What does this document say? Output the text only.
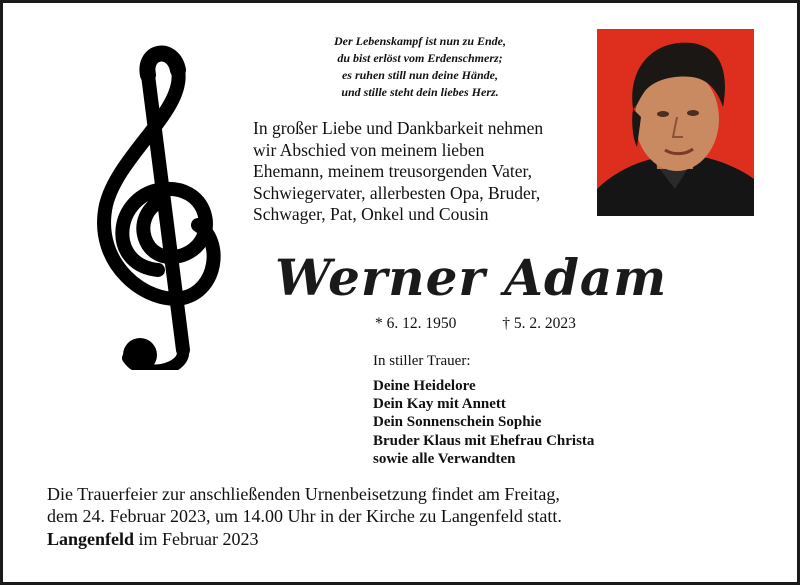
Der Lebenskampf ist nun zu Ende,
du bist erlöst vom Erdenschmerz;
es ruhen still nun deine Hände,
und stille steht dein liebes Herz.
In großer Liebe und Dankbarkeit nehmen
wir Abschied von meinem lieben
Ehemann, meinem treusorgenden Vater,
Schwiegervater, allerbesten Opa, Bruder,
Schwager, Pat, Onkel und Cousin
Werner Adam
* 6. 12. 1950	† 5. 2. 2023
In stiller Trauer:
Deine Heidelore
Dein Kay mit Annett
Dein Sonnenschein Sophie
Bruder Klaus mit Ehefrau Christa
sowie alle Verwandten
Die Trauerfeier zur anschließenden Urnenbeisetzung findet am Freitag,
dem 24. Februar 2023, um 14.00 Uhr in der Kirche zu Langenfeld statt.
Langenfeld im Februar 2023
